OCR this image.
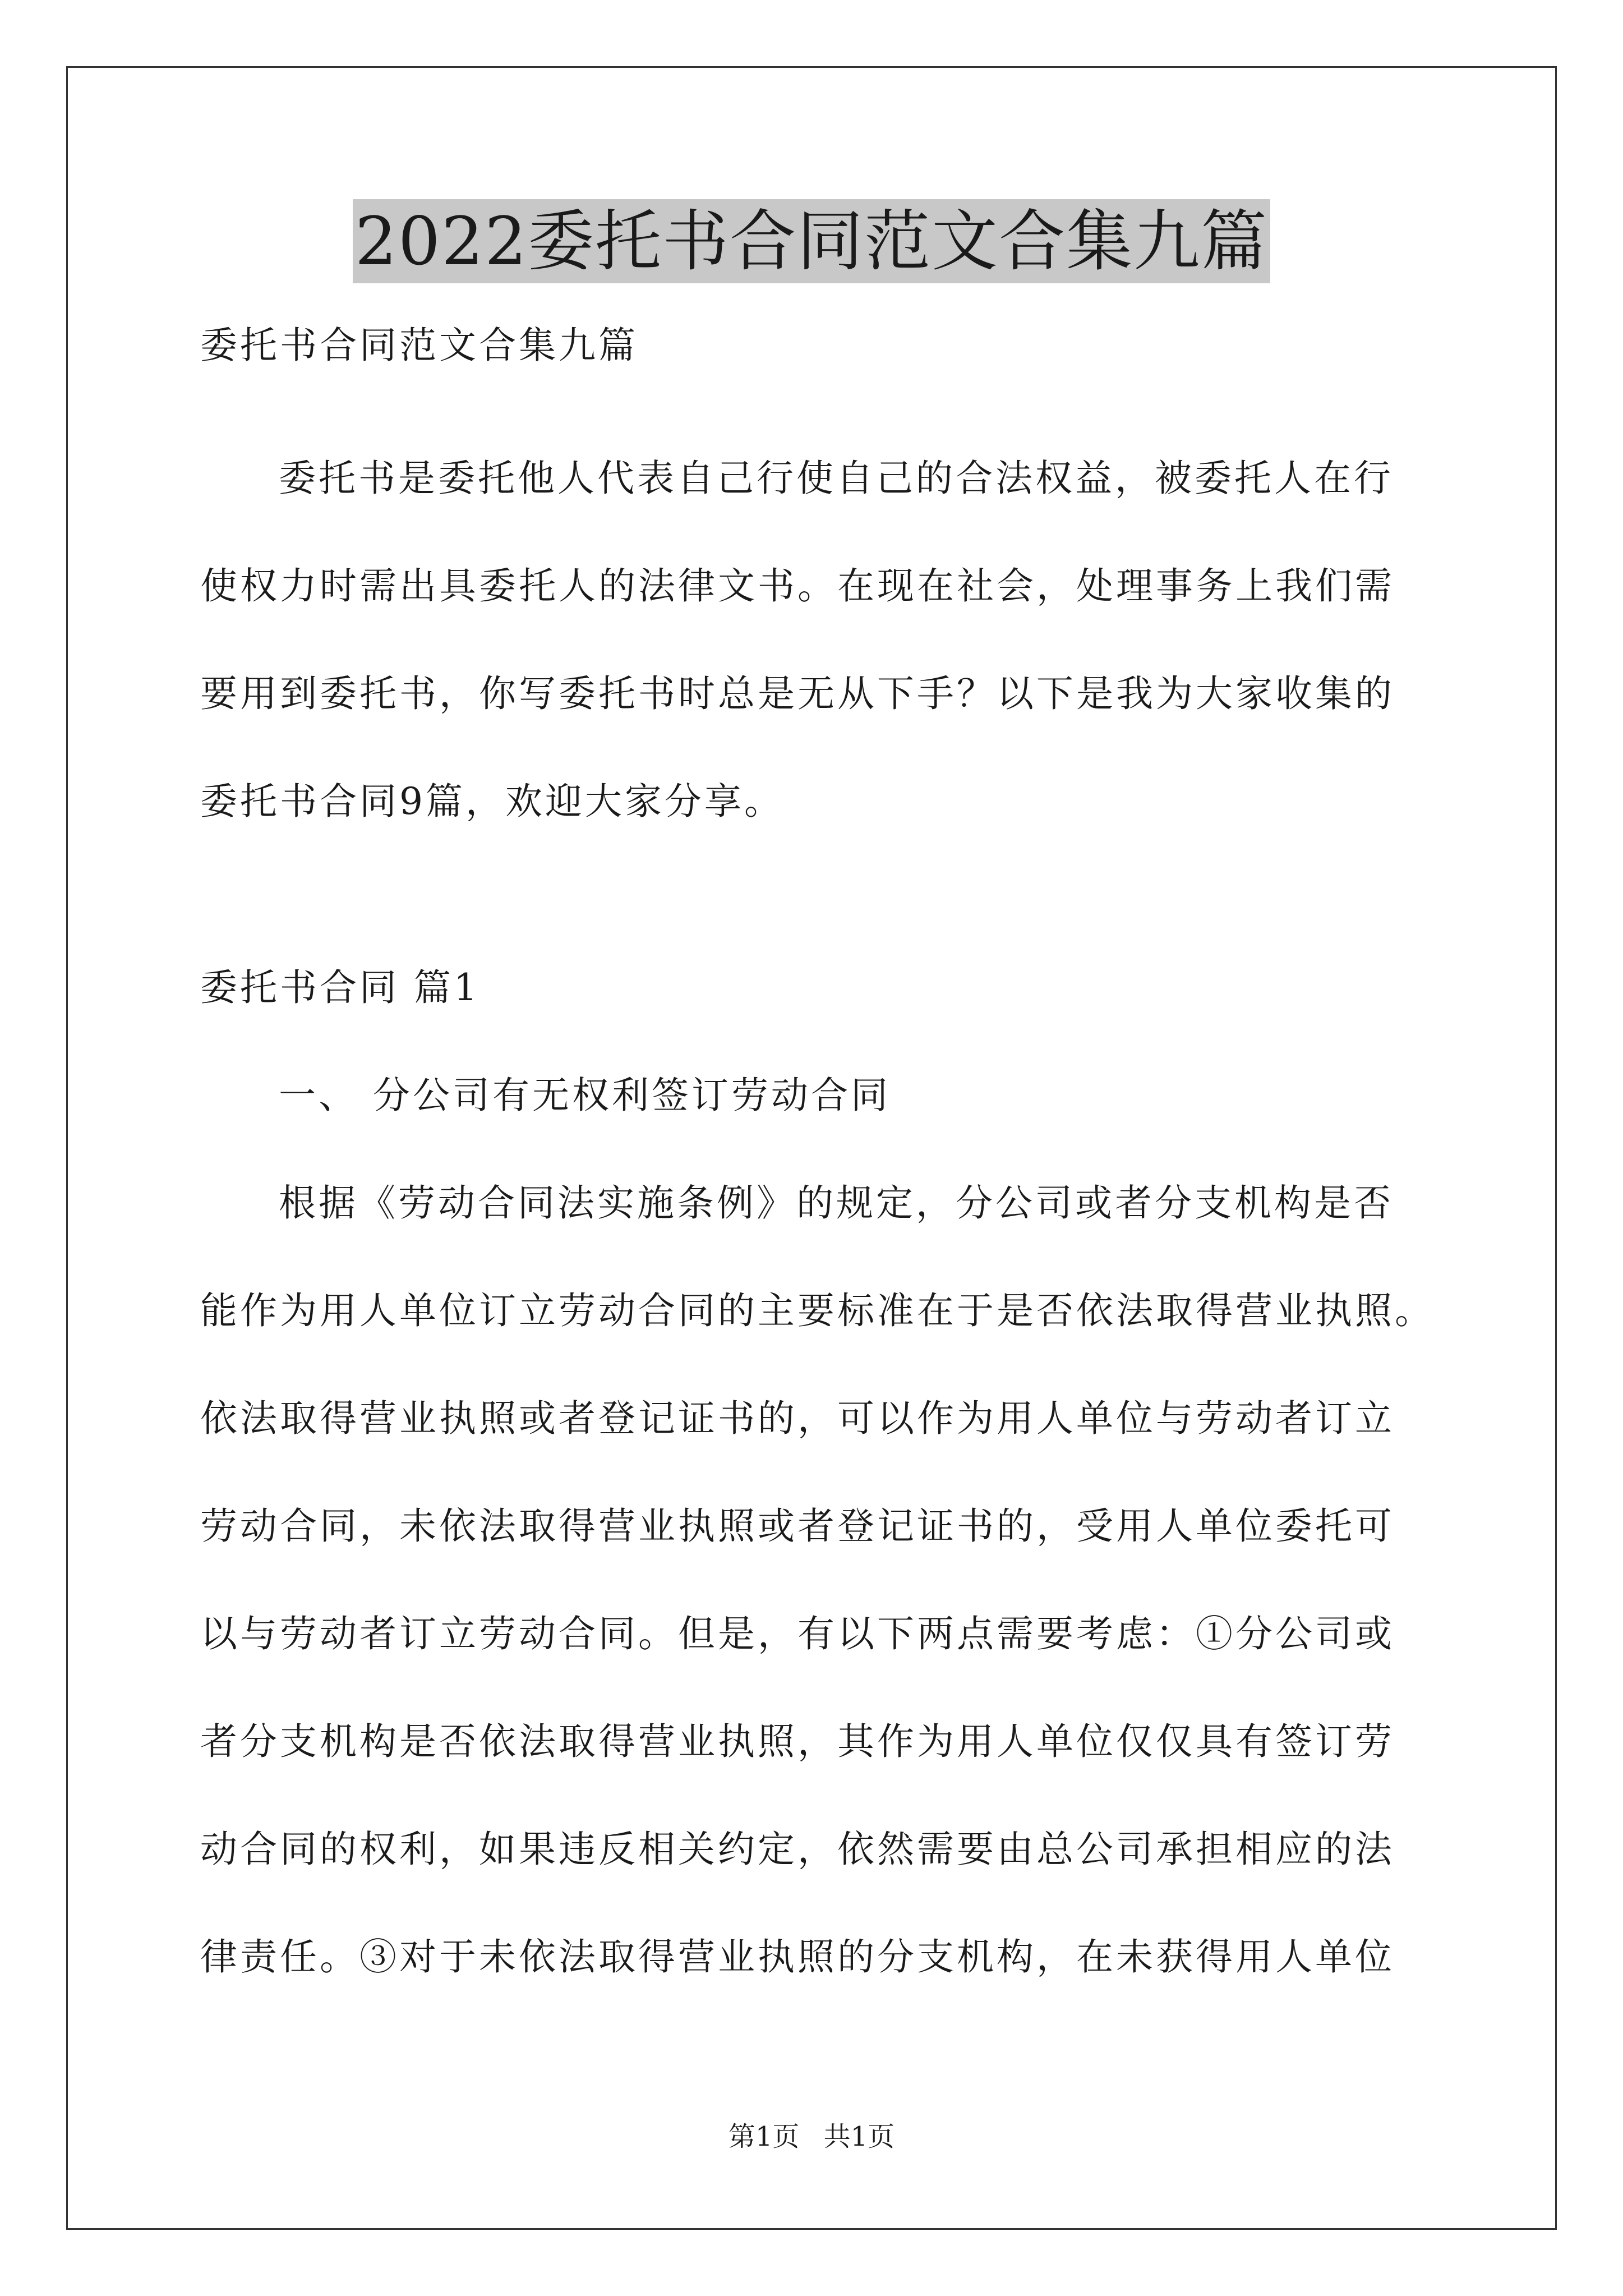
2022委托书合同范文合集九篇
委托书合同范文合集九篇
委托书是委托他人代表自己行使自己的合法权益，被委托人在行
使权力时需出具委托人的法律文书。在现在社会，处理事务上我们需
要用到委托书，你写委托书时总是无从下手？以下是我为大家收集的
委托书合同9篇，欢迎大家分享。
委托书合同 篇1
一、 分公司有无权利签订劳动合同
根据《劳动合同法实施条例》的规定，分公司或者分支机构是否
能作为用人单位订立劳动合同的主要标准在于是否依法取得营业执照。
依法取得营业执照或者登记证书的，可以作为用人单位与劳动者订立
劳动合同，未依法取得营业执照或者登记证书的，受用人单位委托可
以与劳动者订立劳动合同。但是，有以下两点需要考虑：①分公司或
者分支机构是否依法取得营业执照，其作为用人单位仅仅具有签订劳
动合同的权利，如果违反相关约定，依然需要由总公司承担相应的法
律责任。③对于未依法取得营业执照的分支机构，在未获得用人单位
第1页 共1页
